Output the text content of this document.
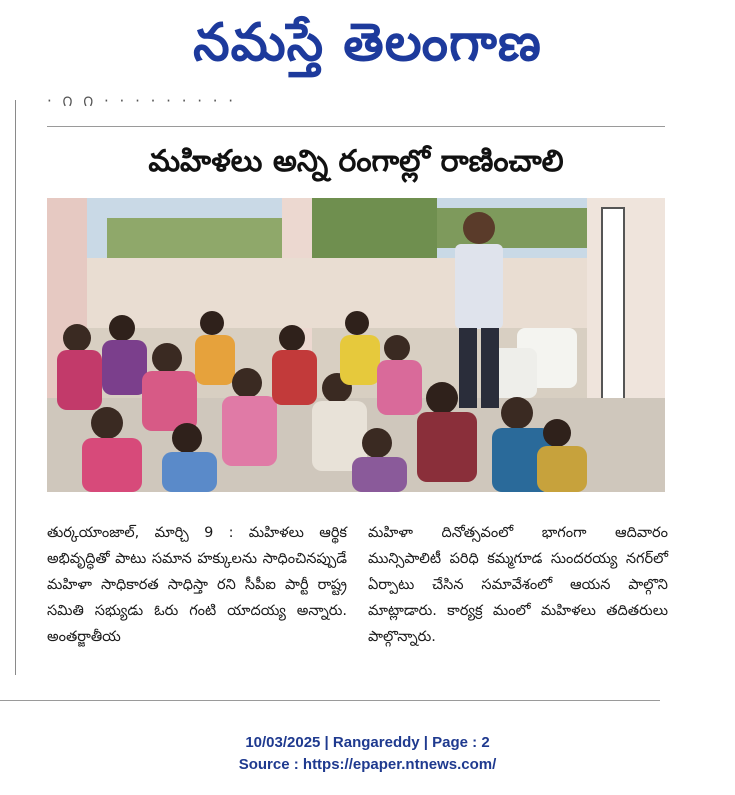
నమస్తే తెలంగాణ
· ౧ ౧ · · · · · · · · ·
మహిళలు అన్ని రంగాల్లో రాణించాలి
తుర్కయాంజాల్, మార్చి 9 : మహిళలు ఆర్థిక అభివృద్ధితో పాటు సమాన హక్కులను సాధించినప్పుడే మహిళా సాధికారత సాధిస్తా రని సీపీఐ పార్టీ రాష్ట్ర సమితి సభ్యుడు ఓరు గంటి యాదయ్య అన్నారు. అంతర్జాతీయ
మహిళా దినోత్సవంలో భాగంగా ఆదివారం మున్సిపాలిటీ పరిధి కమ్మగూడ సుందరయ్య నగర్‌లో ఏర్పాటు చేసిన సమావేశంలో ఆయన పాల్గొని మాట్లాడారు. కార్యక్ర మంలో మహిళలు తదితరులు పాల్గొన్నారు.
10/03/2025 | Rangareddy | Page : 2
Source : https://epaper.ntnews.com/
